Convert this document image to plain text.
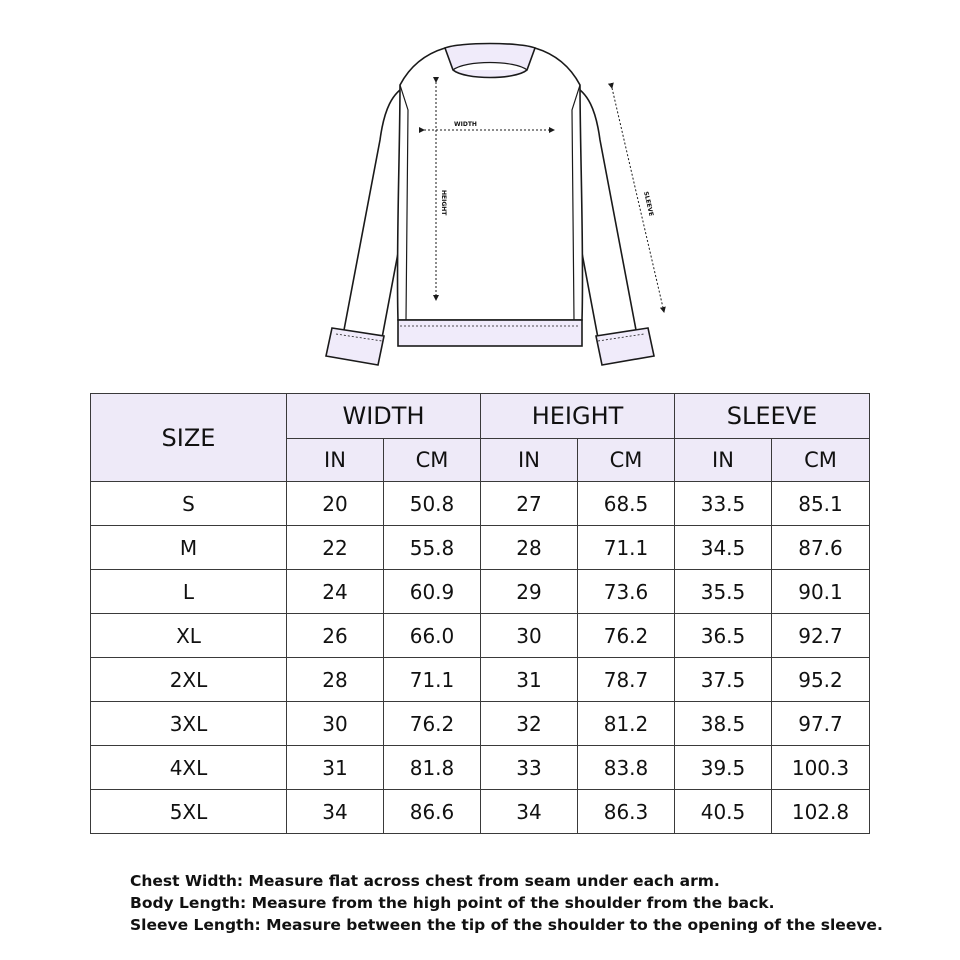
WIDTH
HEIGHT	SLEEVE
SIZE	WIDTH		HEIGHT		SLEEVE	
	IN	CM	IN	CM	IN	CM
S	20	50.8	27	68.5	33.5	85.1
M	22	55.8	28	71.1	34.5	87.6
L	24	60.9	29	73.6	35.5	90.1
XL	26	66.0	30	76.2	36.5	92.7
2XL	28	71.1	31	78.7	37.5	95.2
3XL	30	76.2	32	81.2	38.5	97.7
4XL	31	81.8	33	83.8	39.5	100.3
5XL	34	86.6	34	86.3	40.5	102.8

Chest Width: Measure flat across chest from seam under each arm.

Body Length: Measure from the high point of the shoulder from the back.

Sleeve Length: Measure between the tip of the shoulder to the opening of the sleeve.
